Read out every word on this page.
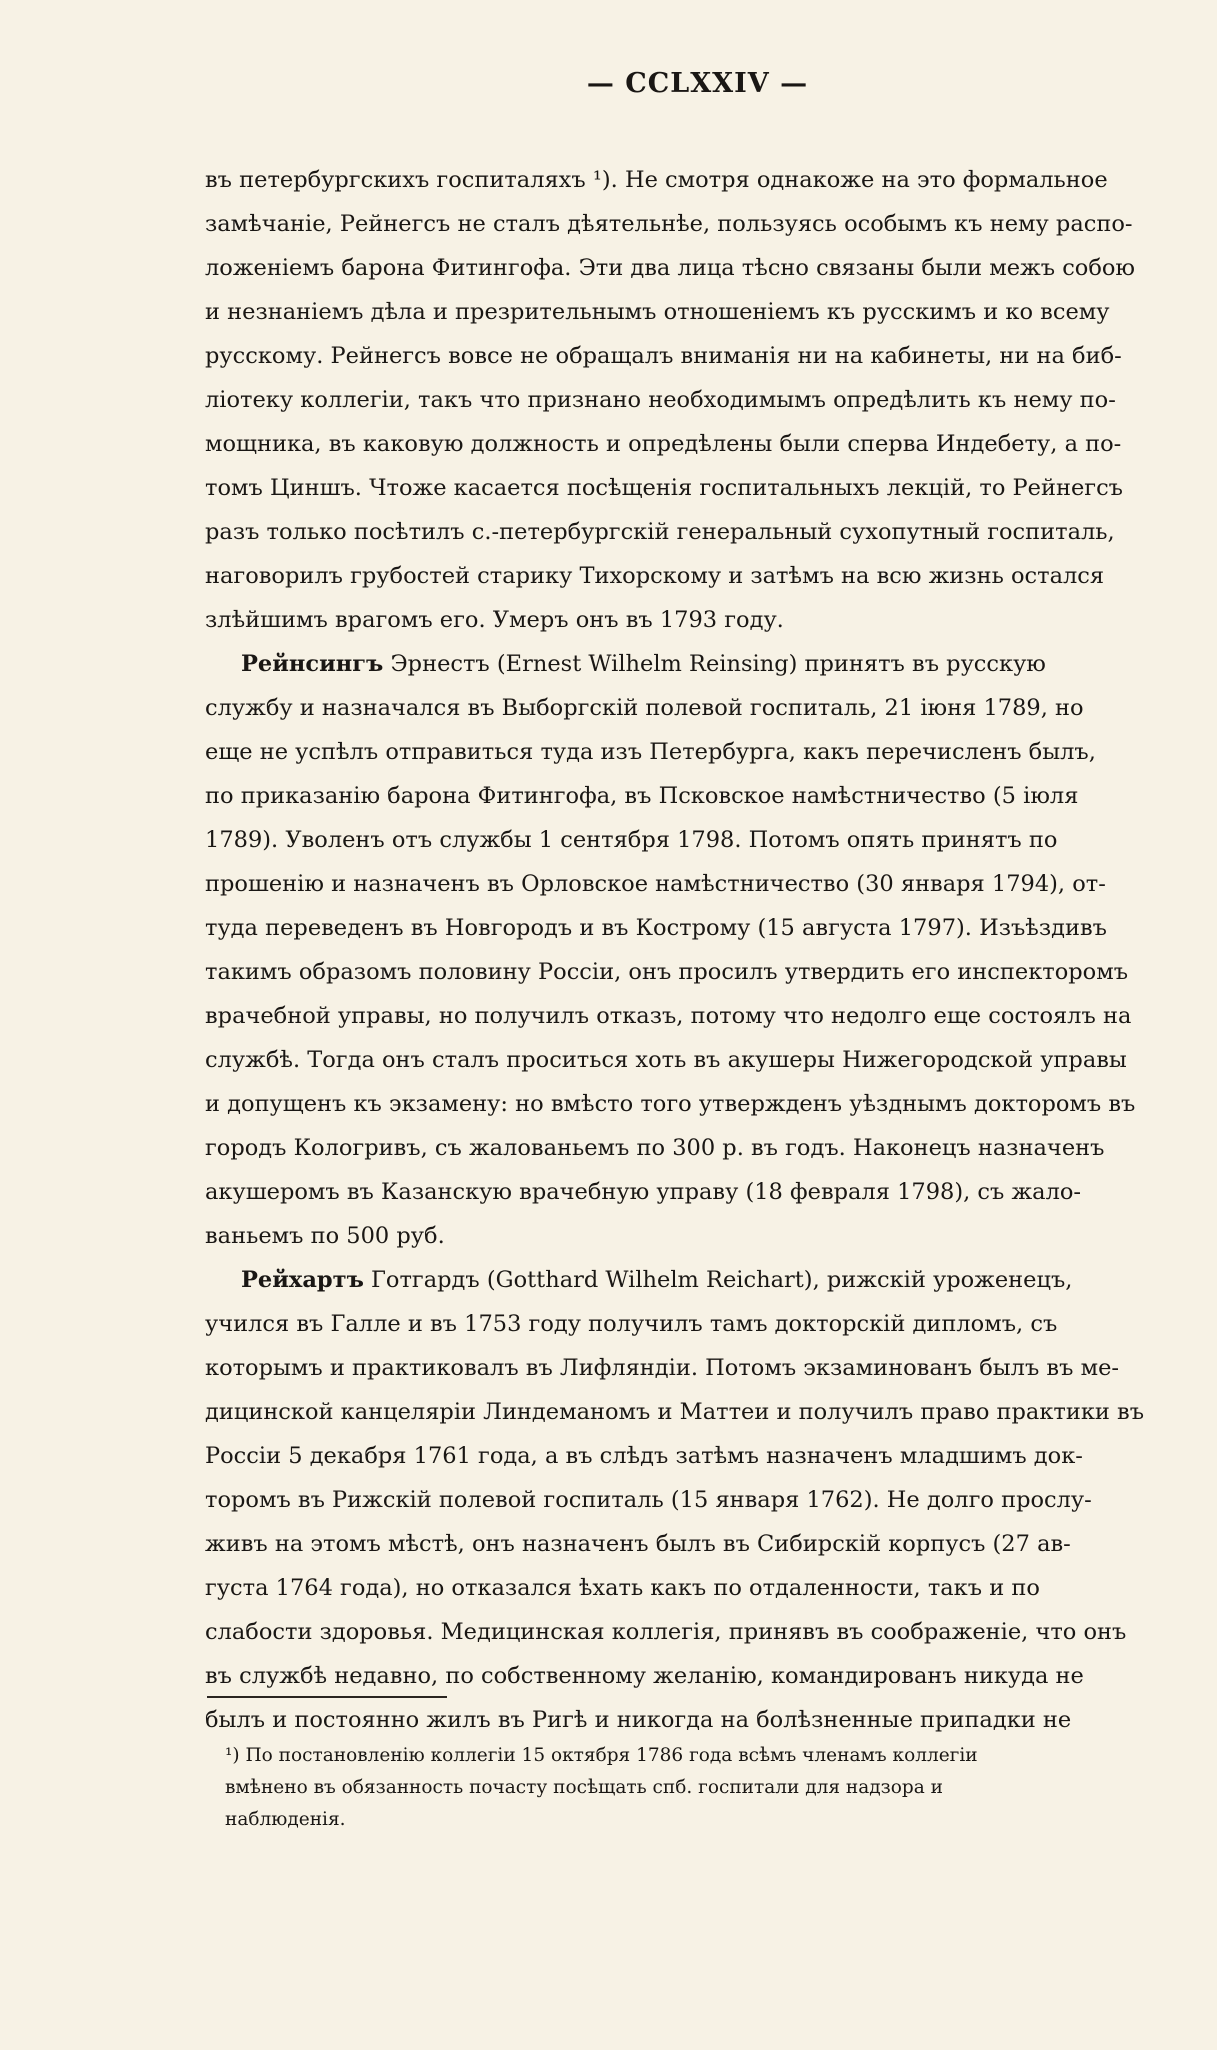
— CCLXXIV —
въ петербургскихъ госпиталяхъ ¹). Не смотря однакоже на это формальное
замѣчаніе, Рейнегсъ не сталъ дѣятельнѣе, пользуясь особымъ къ нему распо-
ложеніемъ барона Фитингофа. Эти два лица тѣсно связаны были межъ собою
и незнаніемъ дѣла и презрительнымъ отношеніемъ къ русскимъ и ко всему
русскому. Рейнегсъ вовсе не обращалъ вниманія ни на кабинеты, ни на биб-
ліотеку коллегіи, такъ что признано необходимымъ опредѣлить къ нему по-
мощника, въ каковую должность и опредѣлены были сперва Индебету, а по-
томъ Циншъ. Чтоже касается посѣщенія госпитальныхъ лекцій, то Рейнегсъ
разъ только посѣтилъ с.-петербургскій генеральный сухопутный госпиталь,
наговорилъ грубостей старику Тихорскому и затѣмъ на всю жизнь остался
злѣйшимъ врагомъ его. Умеръ онъ въ 1793 году.
Рейнсингъ Эрнестъ (Ernest Wilhelm Reinsing) принятъ въ русскую
службу и назначался въ Выборгскій полевой госпиталь, 21 іюня 1789, но
еще не успѣлъ отправиться туда изъ Петербурга, какъ перечисленъ былъ,
по приказанію барона Фитингофа, въ Псковское намѣстничество (5 іюля
1789). Уволенъ отъ службы 1 сентября 1798. Потомъ опять принятъ по
прошенію и назначенъ въ Орловское намѣстничество (30 января 1794), от-
туда переведенъ въ Новгородъ и въ Кострому (15 августа 1797). Изъѣздивъ
такимъ образомъ половину Россіи, онъ просилъ утвердить его инспекторомъ
врачебной управы, но получилъ отказъ, потому что недолго еще состоялъ на
службѣ. Тогда онъ сталъ проситься хоть въ акушеры Нижегородской управы
и допущенъ къ экзамену: но вмѣсто того утвержденъ уѣзднымъ докторомъ въ
городъ Кологривъ, съ жалованьемъ по 300 р. въ годъ. Наконецъ назначенъ
акушеромъ въ Казанскую врачебную управу (18 февраля 1798), съ жало-
ваньемъ по 500 руб.
Рейхартъ Готгардъ (Gotthard Wilhelm Reichart), рижскій уроженецъ,
учился въ Галле и въ 1753 году получилъ тамъ докторскій дипломъ, съ
которымъ и практиковалъ въ Лифляндіи. Потомъ экзаминованъ былъ въ ме-
дицинской канцеляріи Линдеманомъ и Маттеи и получилъ право практики въ
Россіи 5 декабря 1761 года, а въ слѣдъ затѣмъ назначенъ младшимъ док-
торомъ въ Рижскій полевой госпиталь (15 января 1762). Не долго прослу-
живъ на этомъ мѣстѣ, онъ назначенъ былъ въ Сибирскій корпусъ (27 ав-
густа 1764 года), но отказался ѣхать какъ по отдаленности, такъ и по
слабости здоровья. Медицинская коллегія, принявъ въ соображеніе, что онъ
въ службѣ недавно, по собственному желанію, командированъ никуда не
былъ и постоянно жилъ въ Ригѣ и никогда на болѣзненные припадки не
¹) По постановленію коллегіи 15 октября 1786 года всѣмъ членамъ коллегіи
вмѣнено въ обязанность почасту посѣщать спб. госпитали для надзора и
наблюденія.
